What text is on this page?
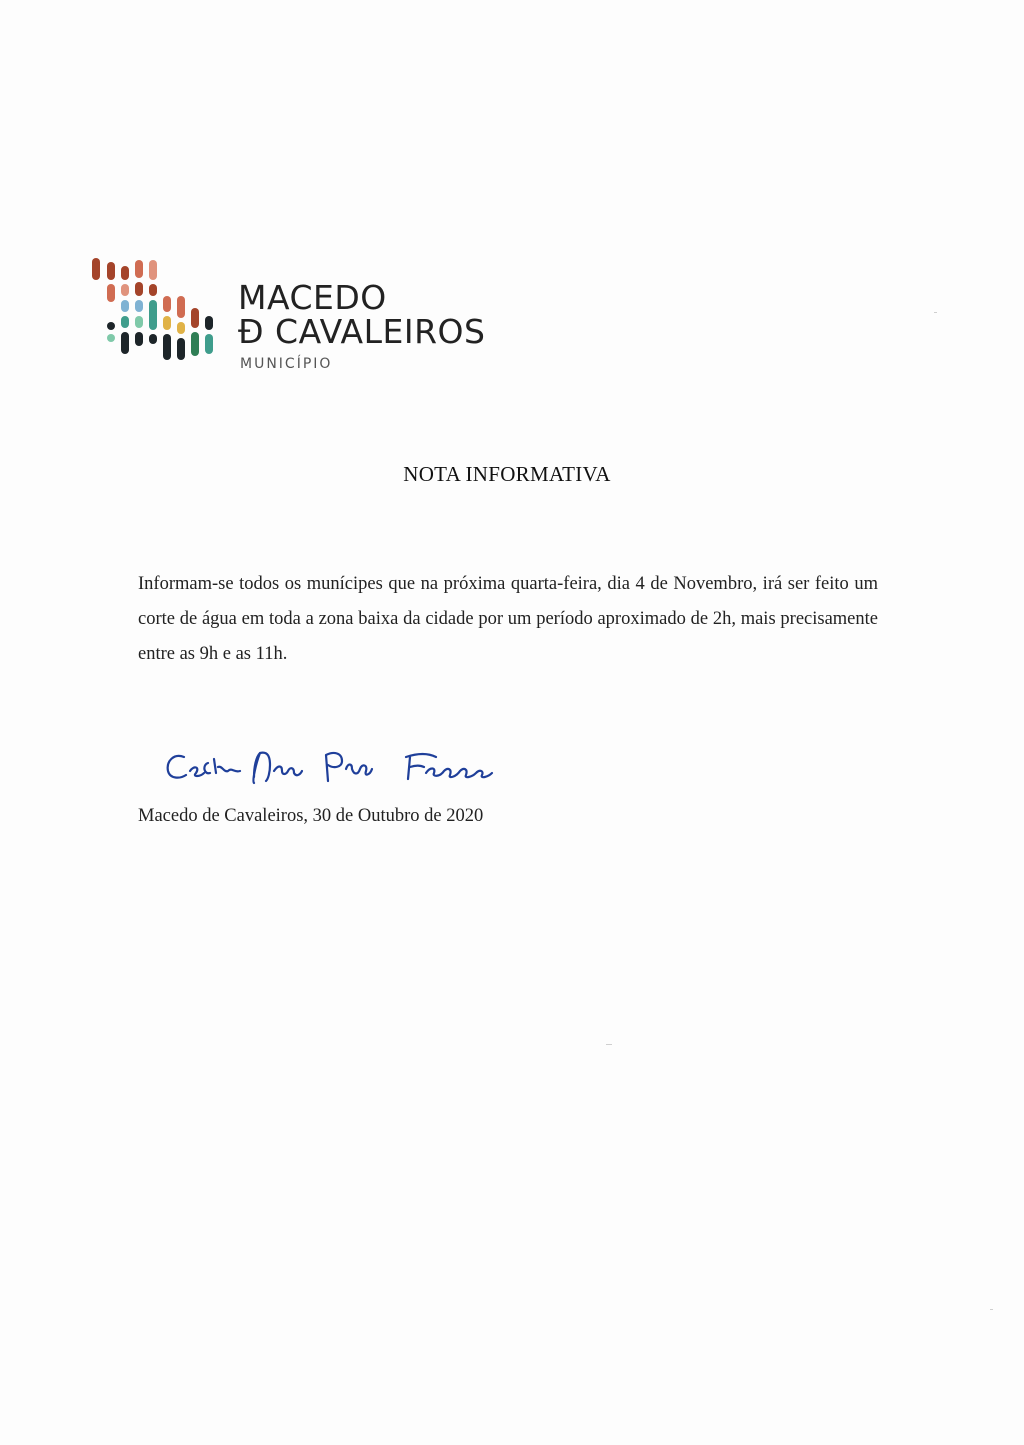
MACEDO
Ð CAVALEIROS
MUNICÍPIO
NOTA INFORMATIVA
Informam-se todos os munícipes que na próxima quarta-feira, dia 4 de Novembro, irá ser feito um corte de água em toda a zona baixa da cidade por um período aproximado de 2h, mais precisamente entre as 9h e as 11h.
Macedo de Cavaleiros, 30 de Outubro de 2020
